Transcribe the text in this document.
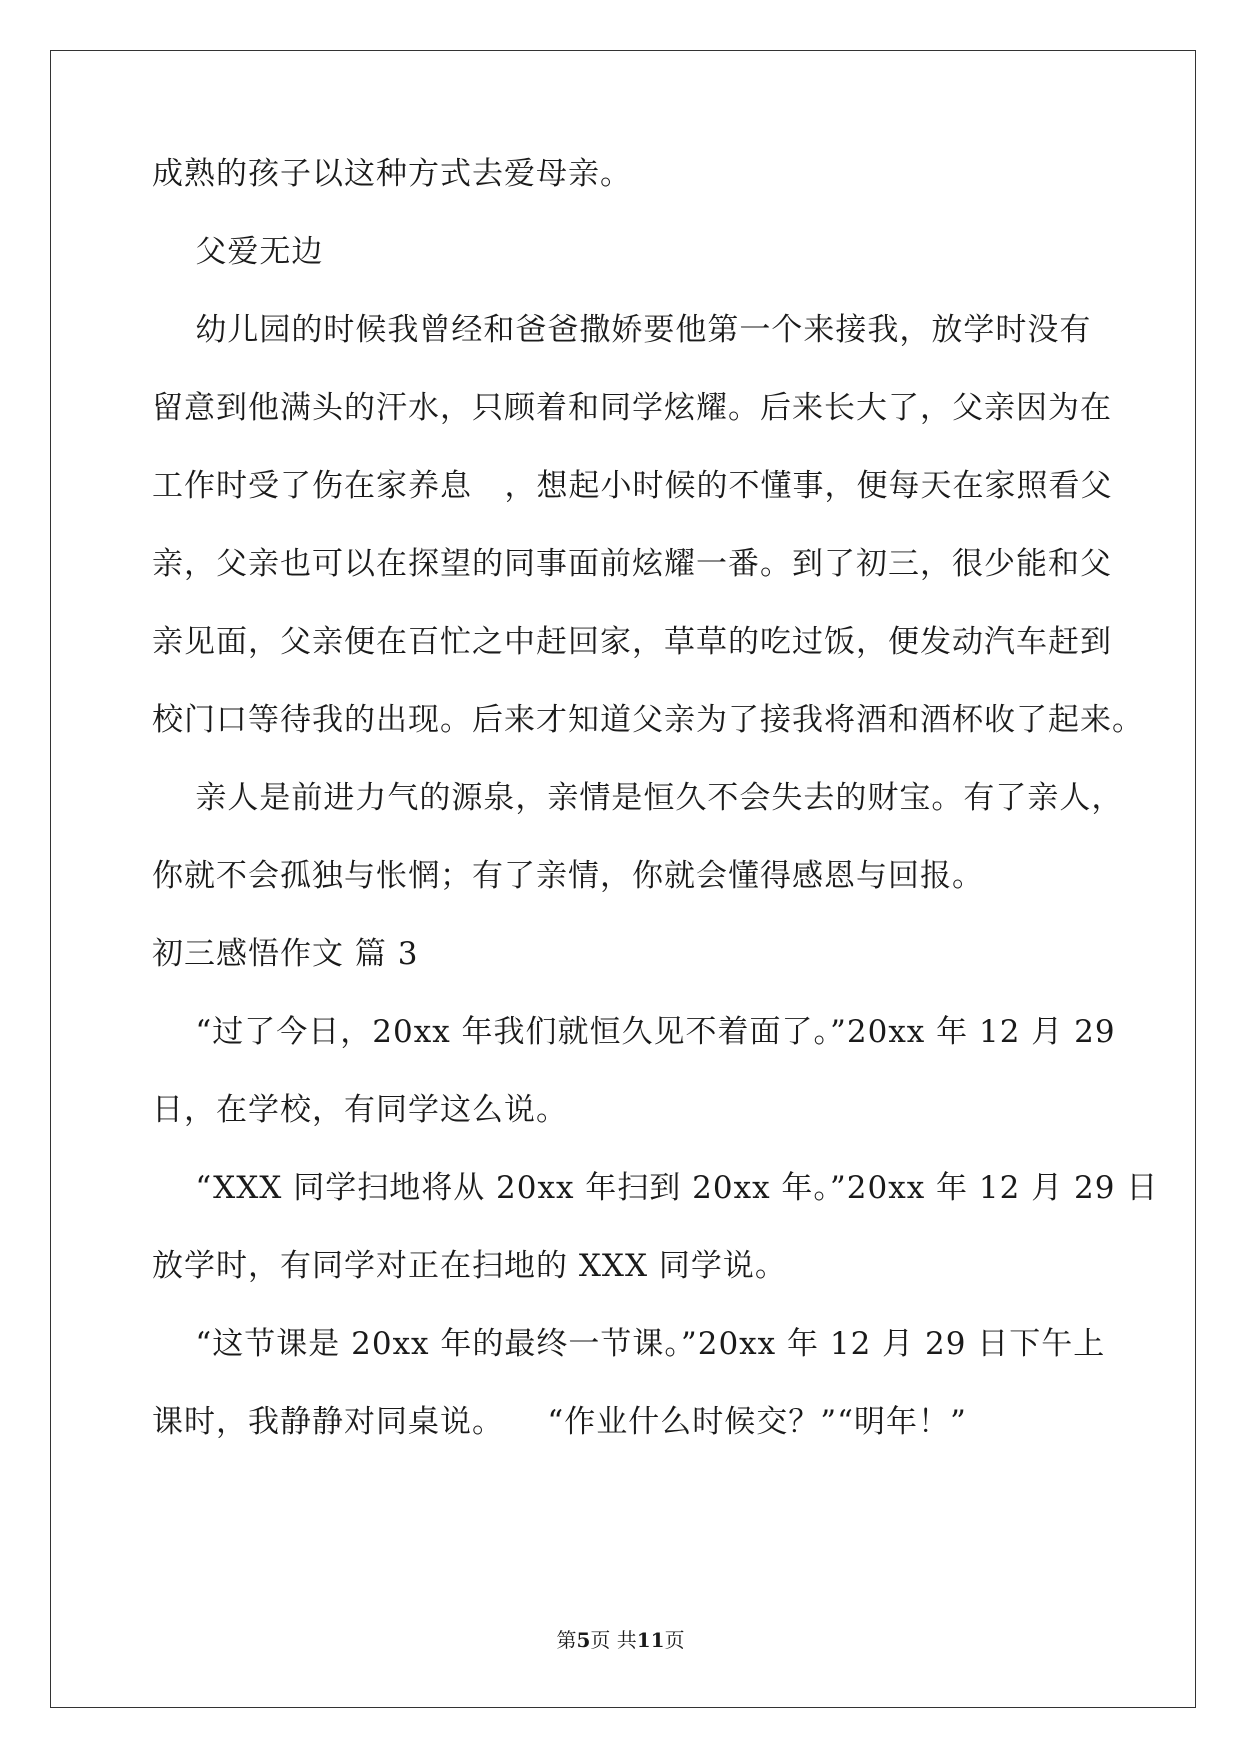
成熟的孩子以这种方式去爱母亲。
父爱无边
幼儿园的时候我曾经和爸爸撒娇要他第一个来接我，放学时没有
留意到他满头的汗水，只顾着和同学炫耀。后来长大了，父亲因为在
工作时受了伤在家养息   ，想起小时候的不懂事，便每天在家照看父
亲，父亲也可以在探望的同事面前炫耀一番。到了初三，很少能和父
亲见面，父亲便在百忙之中赶回家，草草的吃过饭，便发动汽车赶到
校门口等待我的出现。后来才知道父亲为了接我将酒和酒杯收了起来。
亲人是前进力气的源泉，亲情是恒久不会失去的财宝。有了亲人，
你就不会孤独与怅惘；有了亲情，你就会懂得感恩与回报。
初三感悟作文 篇 3
“过了今日，20xx 年我们就恒久见不着面了。”20xx 年 12 月 29
日，在学校，有同学这么说。
“XXX 同学扫地将从 20xx 年扫到 20xx 年。”20xx 年 12 月 29 日
放学时，有同学对正在扫地的 XXX 同学说。
“这节课是 20xx 年的最终一节课。”20xx 年 12 月 29 日下午上
课时，我静静对同桌说。    “作业什么时候交？”“明年！”
第5页 共11页
